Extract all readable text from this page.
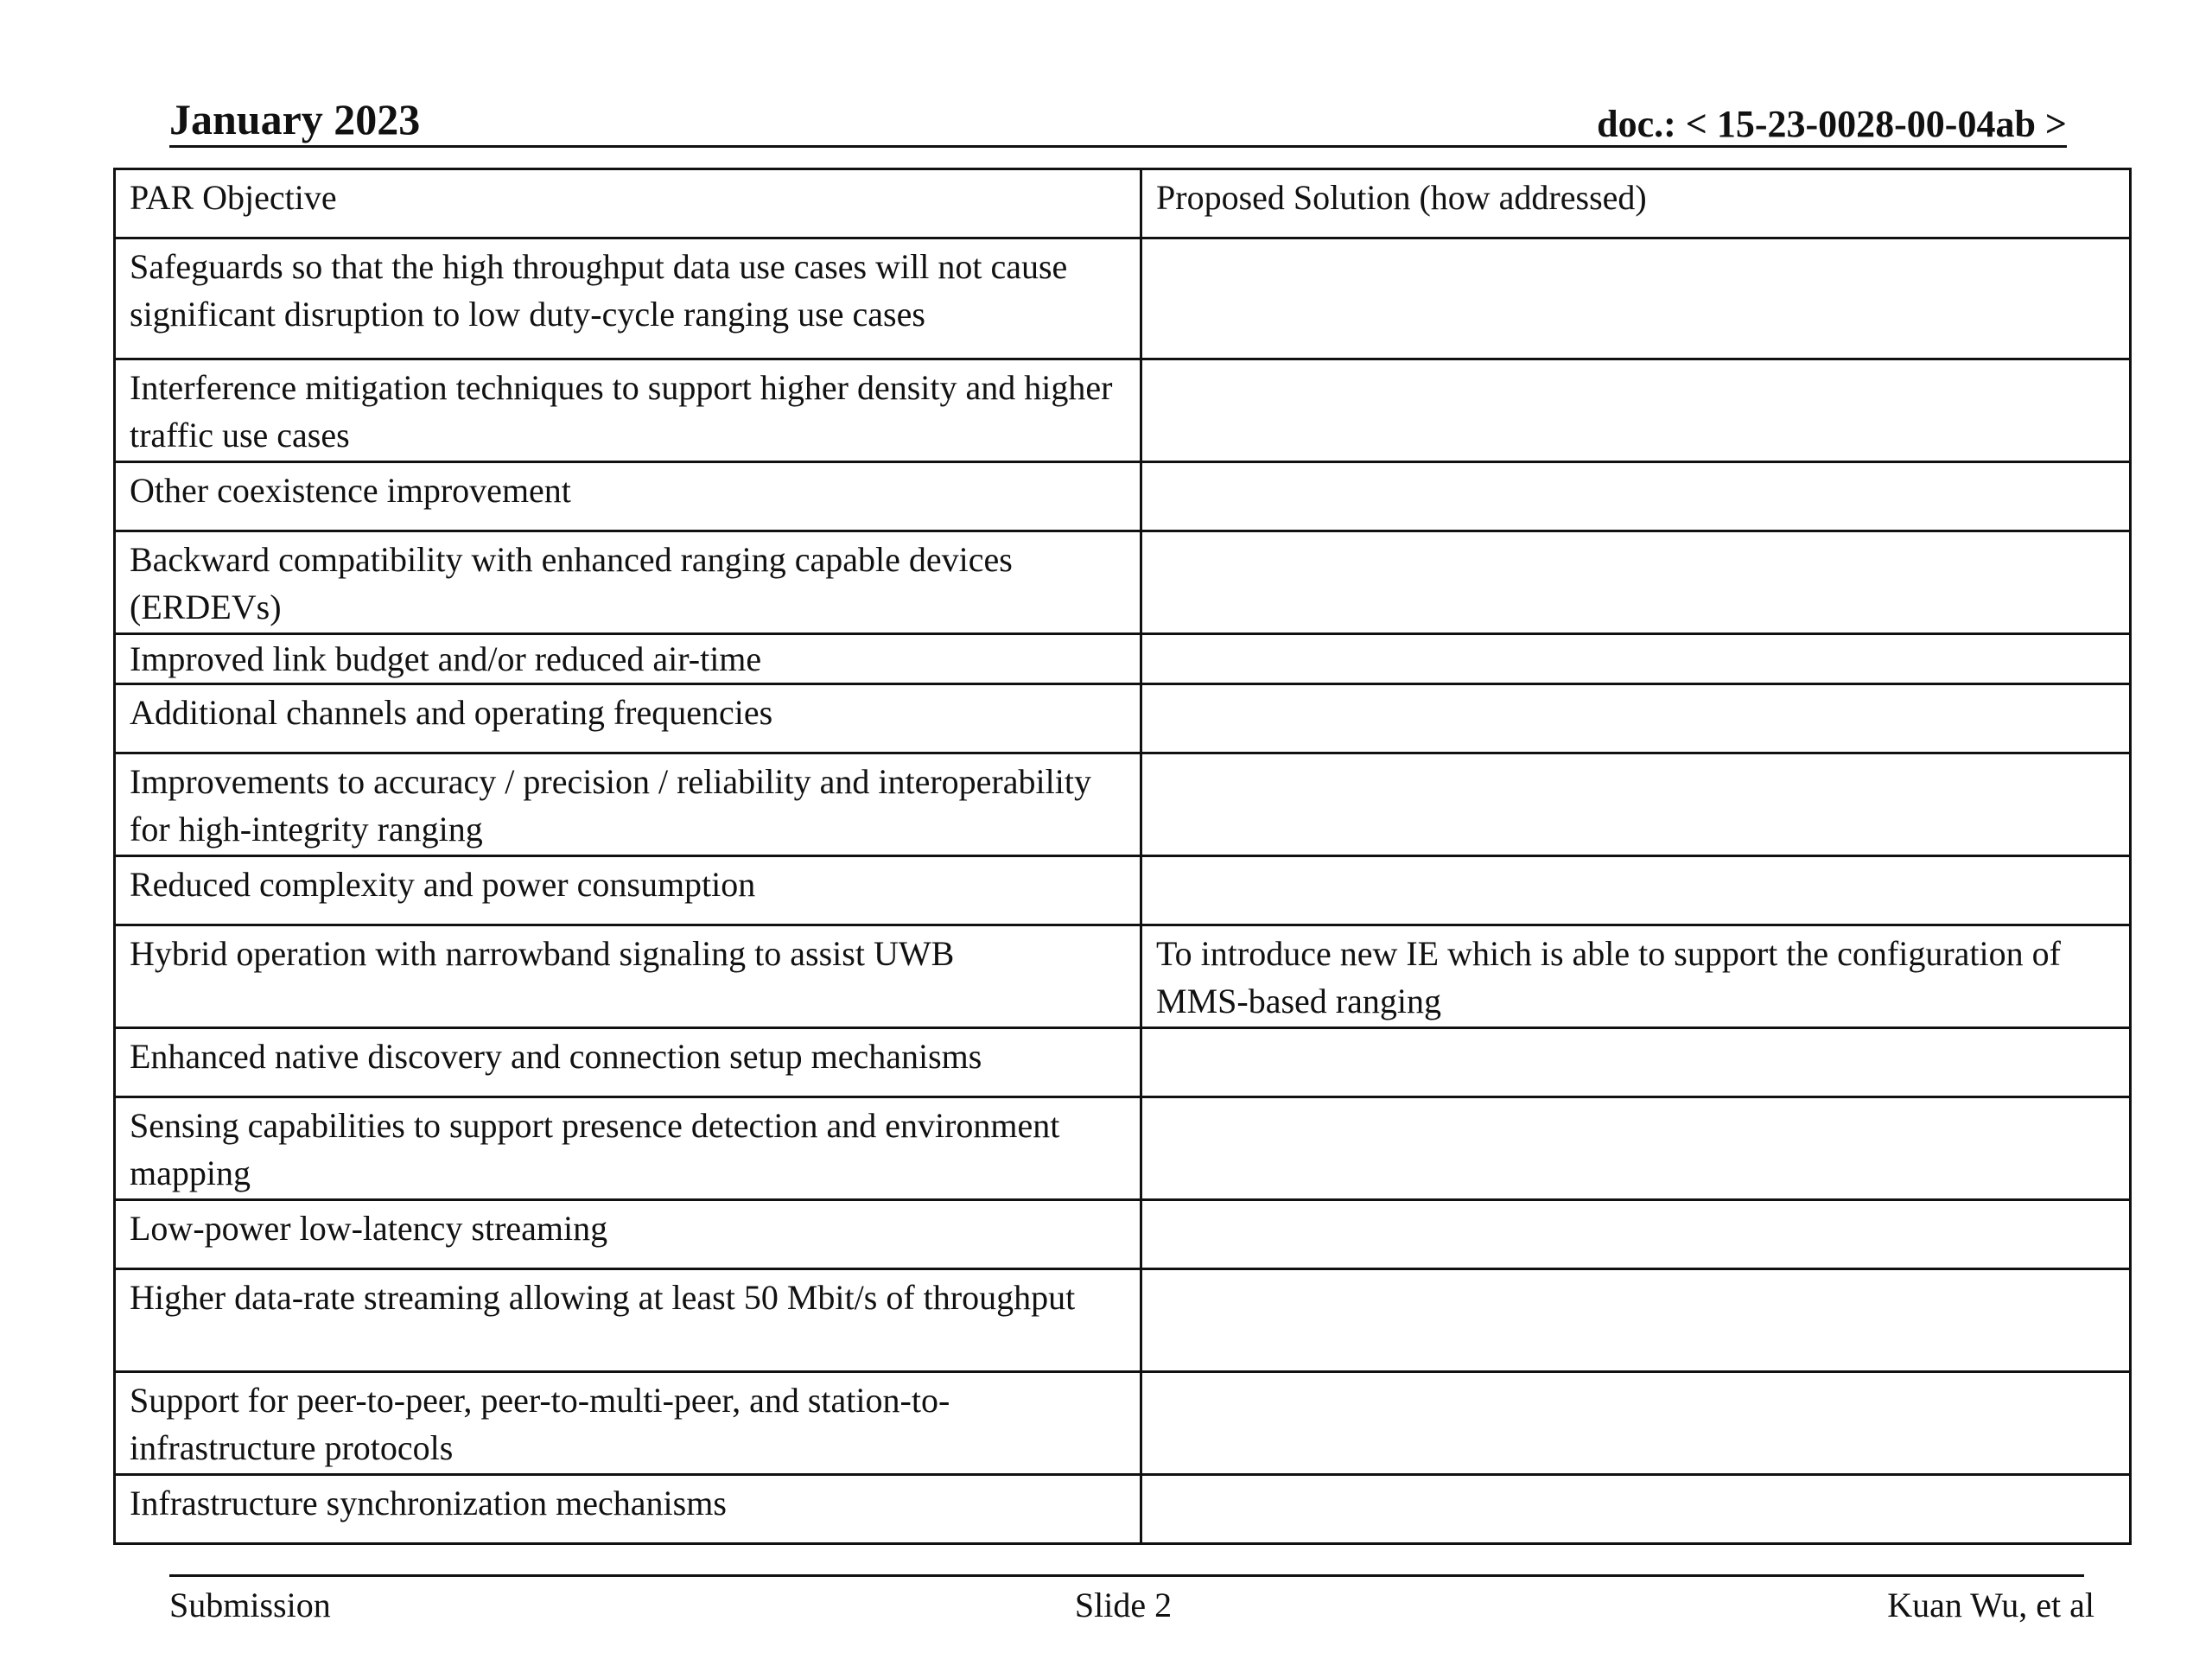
January 2023	doc.: < 15-23-0028-00-04ab >
PAR Objective	Proposed Solution (how addressed)
Safeguards so that the high throughput data use cases will not cause significant disruption to low duty-cycle ranging use cases	
Interference mitigation techniques to support higher density and higher traffic use cases	
Other coexistence improvement	
Backward compatibility with enhanced ranging capable devices (ERDEVs)	
Improved link budget and/or reduced air-time	
Additional channels and operating frequencies	
Improvements to accuracy / precision / reliability and interoperability for high-integrity ranging	
Reduced complexity and power consumption	
Hybrid operation with narrowband signaling to assist UWB	To introduce new IE which is able to support the configuration of MMS-based ranging
Enhanced native discovery and connection setup mechanisms	
Sensing capabilities to support presence detection and environment mapping	
Low-power low-latency streaming	
Higher data-rate streaming allowing at least 50 Mbit/s of throughput	
Support for peer-to-peer, peer-to-multi-peer, and station-to-infrastructure protocols	
Infrastructure synchronization mechanisms	
Submission	Slide 2	Kuan Wu, et al
